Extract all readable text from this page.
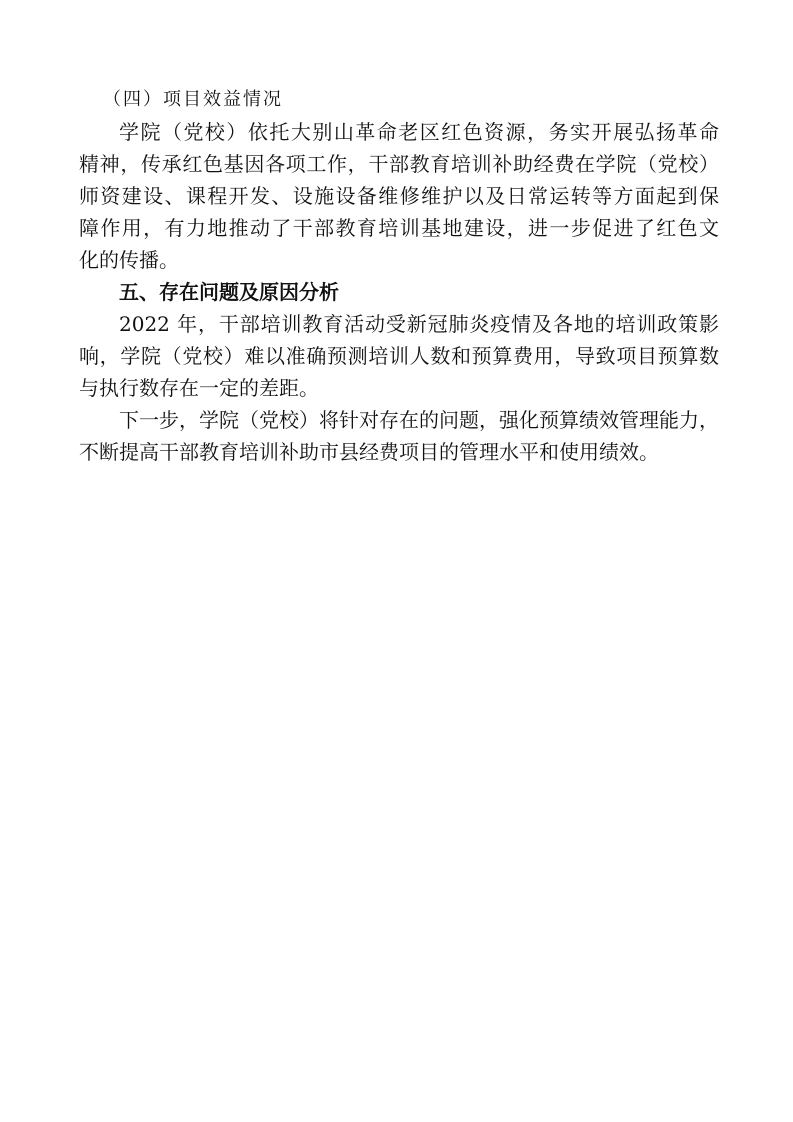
（四）项目效益情况
学院（党校）依托大别山革命老区红色资源，务实开展弘扬革命
精神，传承红色基因各项工作，干部教育培训补助经费在学院（党校）
师资建设、课程开发、设施设备维修维护以及日常运转等方面起到保
障作用，有力地推动了干部教育培训基地建设，进一步促进了红色文
化的传播。
五、存在问题及原因分析
2022 年，干部培训教育活动受新冠肺炎疫情及各地的培训政策影
响，学院（党校）难以准确预测培训人数和预算费用，导致项目预算数
与执行数存在一定的差距。
下一步，学院（党校）将针对存在的问题，强化预算绩效管理能力，
不断提高干部教育培训补助市县经费项目的管理水平和使用绩效。
